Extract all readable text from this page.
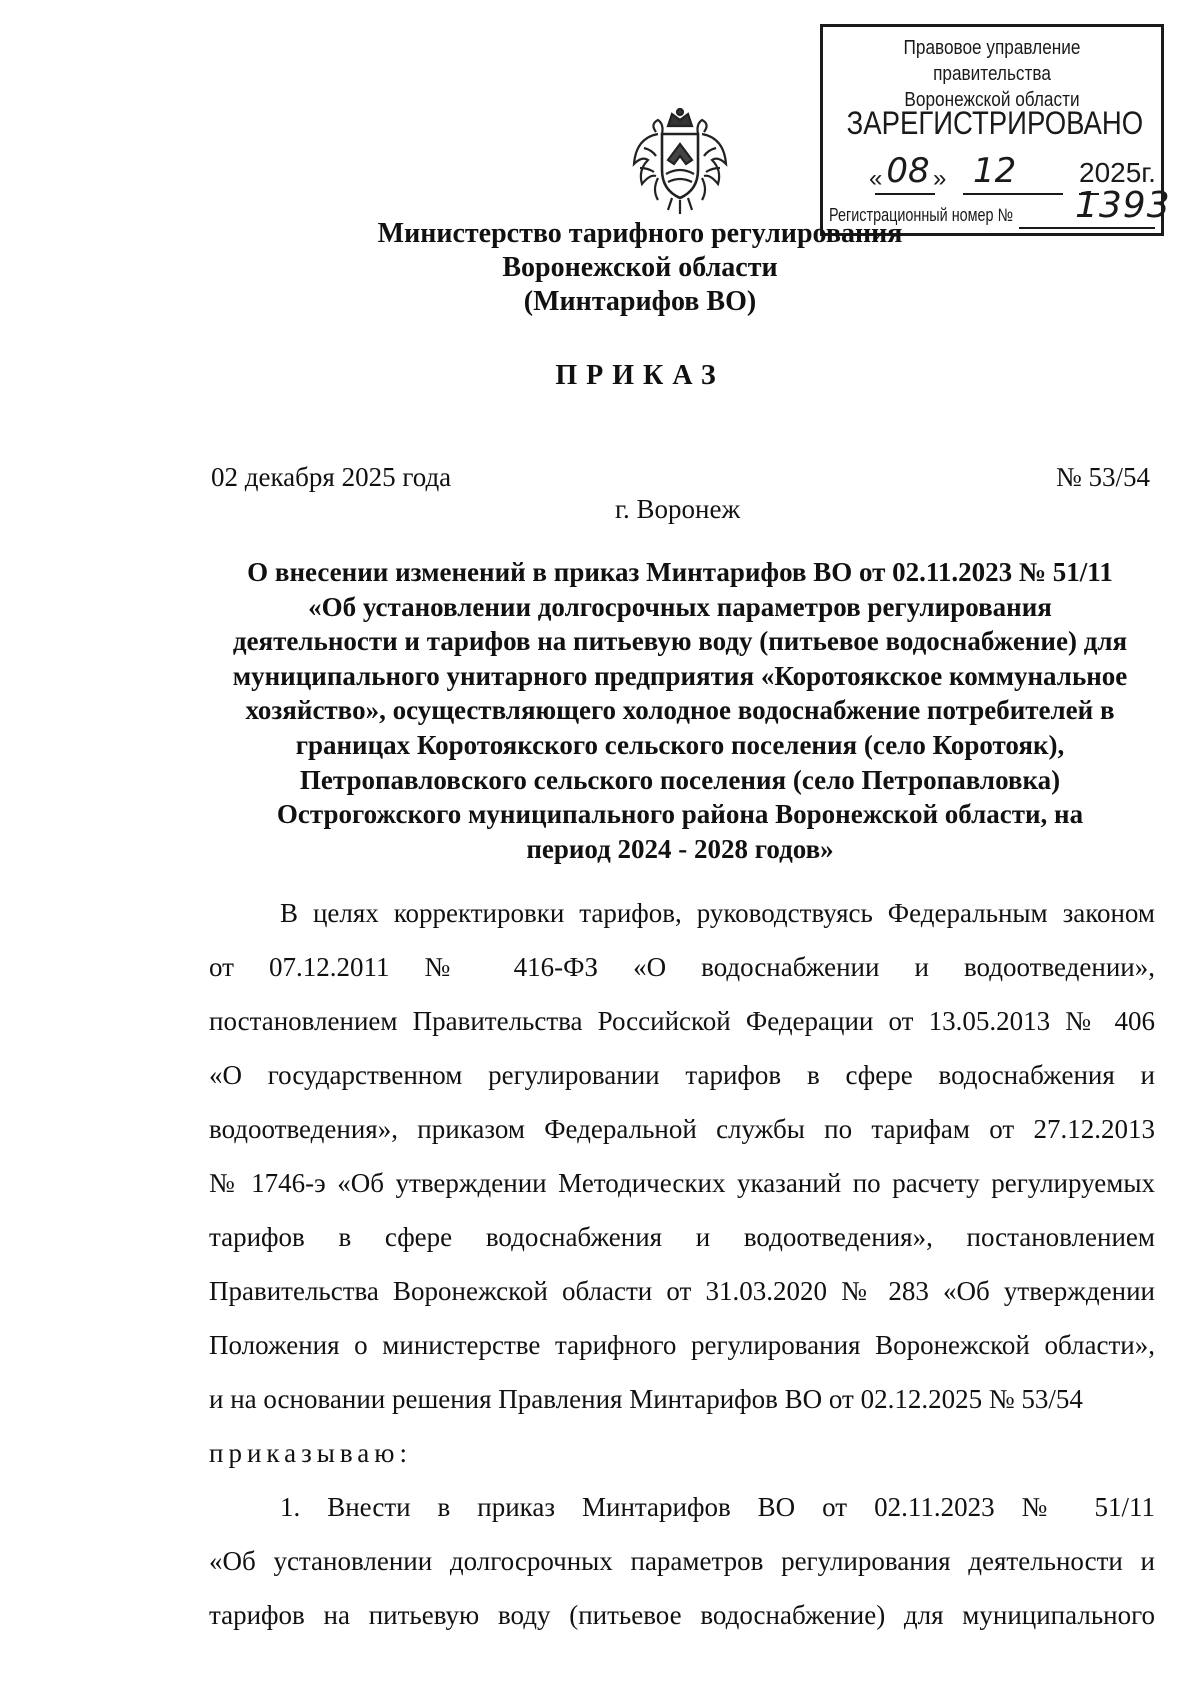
Правовое управление правительства
Воронежской области
ЗАРЕГИСТРИРОВАНО
« 08 » 12 2025г.
Регистрационный номер № 1393
Министерство тарифного регулирования
Воронежской области
(Минтарифов ВО)
ПРИКАЗ
02 декабря 2025 года	№ 53/54
г. Воронеж
О внесении изменений в приказ Минтарифов ВО от 02.11.2023 № 51/11
«Об установлении долгосрочных параметров регулирования
деятельности и тарифов на питьевую воду (питьевое водоснабжение) для
муниципального унитарного предприятия «Коротоякское коммунальное
хозяйство», осуществляющего холодное водоснабжение потребителей в
границах Коротоякского сельского поселения (село Коротояк),
Петропавловского сельского поселения (село Петропавловка)
Острогожского муниципального района Воронежской области, на
период 2024 - 2028 годов»
В целях корректировки тарифов, руководствуясь Федеральным законом
от 07.12.2011 № 416-ФЗ «О водоснабжении и водоотведении»,
постановлением Правительства Российской Федерации от 13.05.2013 № 406
«О государственном регулировании тарифов в сфере водоснабжения и
водоотведения», приказом Федеральной службы по тарифам от 27.12.2013
№ 1746-э «Об утверждении Методических указаний по расчету регулируемых
тарифов в сфере водоснабжения и водоотведения», постановлением
Правительства Воронежской области от 31.03.2020 № 283 «Об утверждении
Положения о министерстве тарифного регулирования Воронежской области»,
и на основании решения Правления Минтарифов ВО от 02.12.2025 № 53/54
приказываю:
1. Внести в приказ Минтарифов ВО от 02.11.2023 № 51/11
«Об установлении долгосрочных параметров регулирования деятельности и
тарифов на питьевую воду (питьевое водоснабжение) для муниципального
